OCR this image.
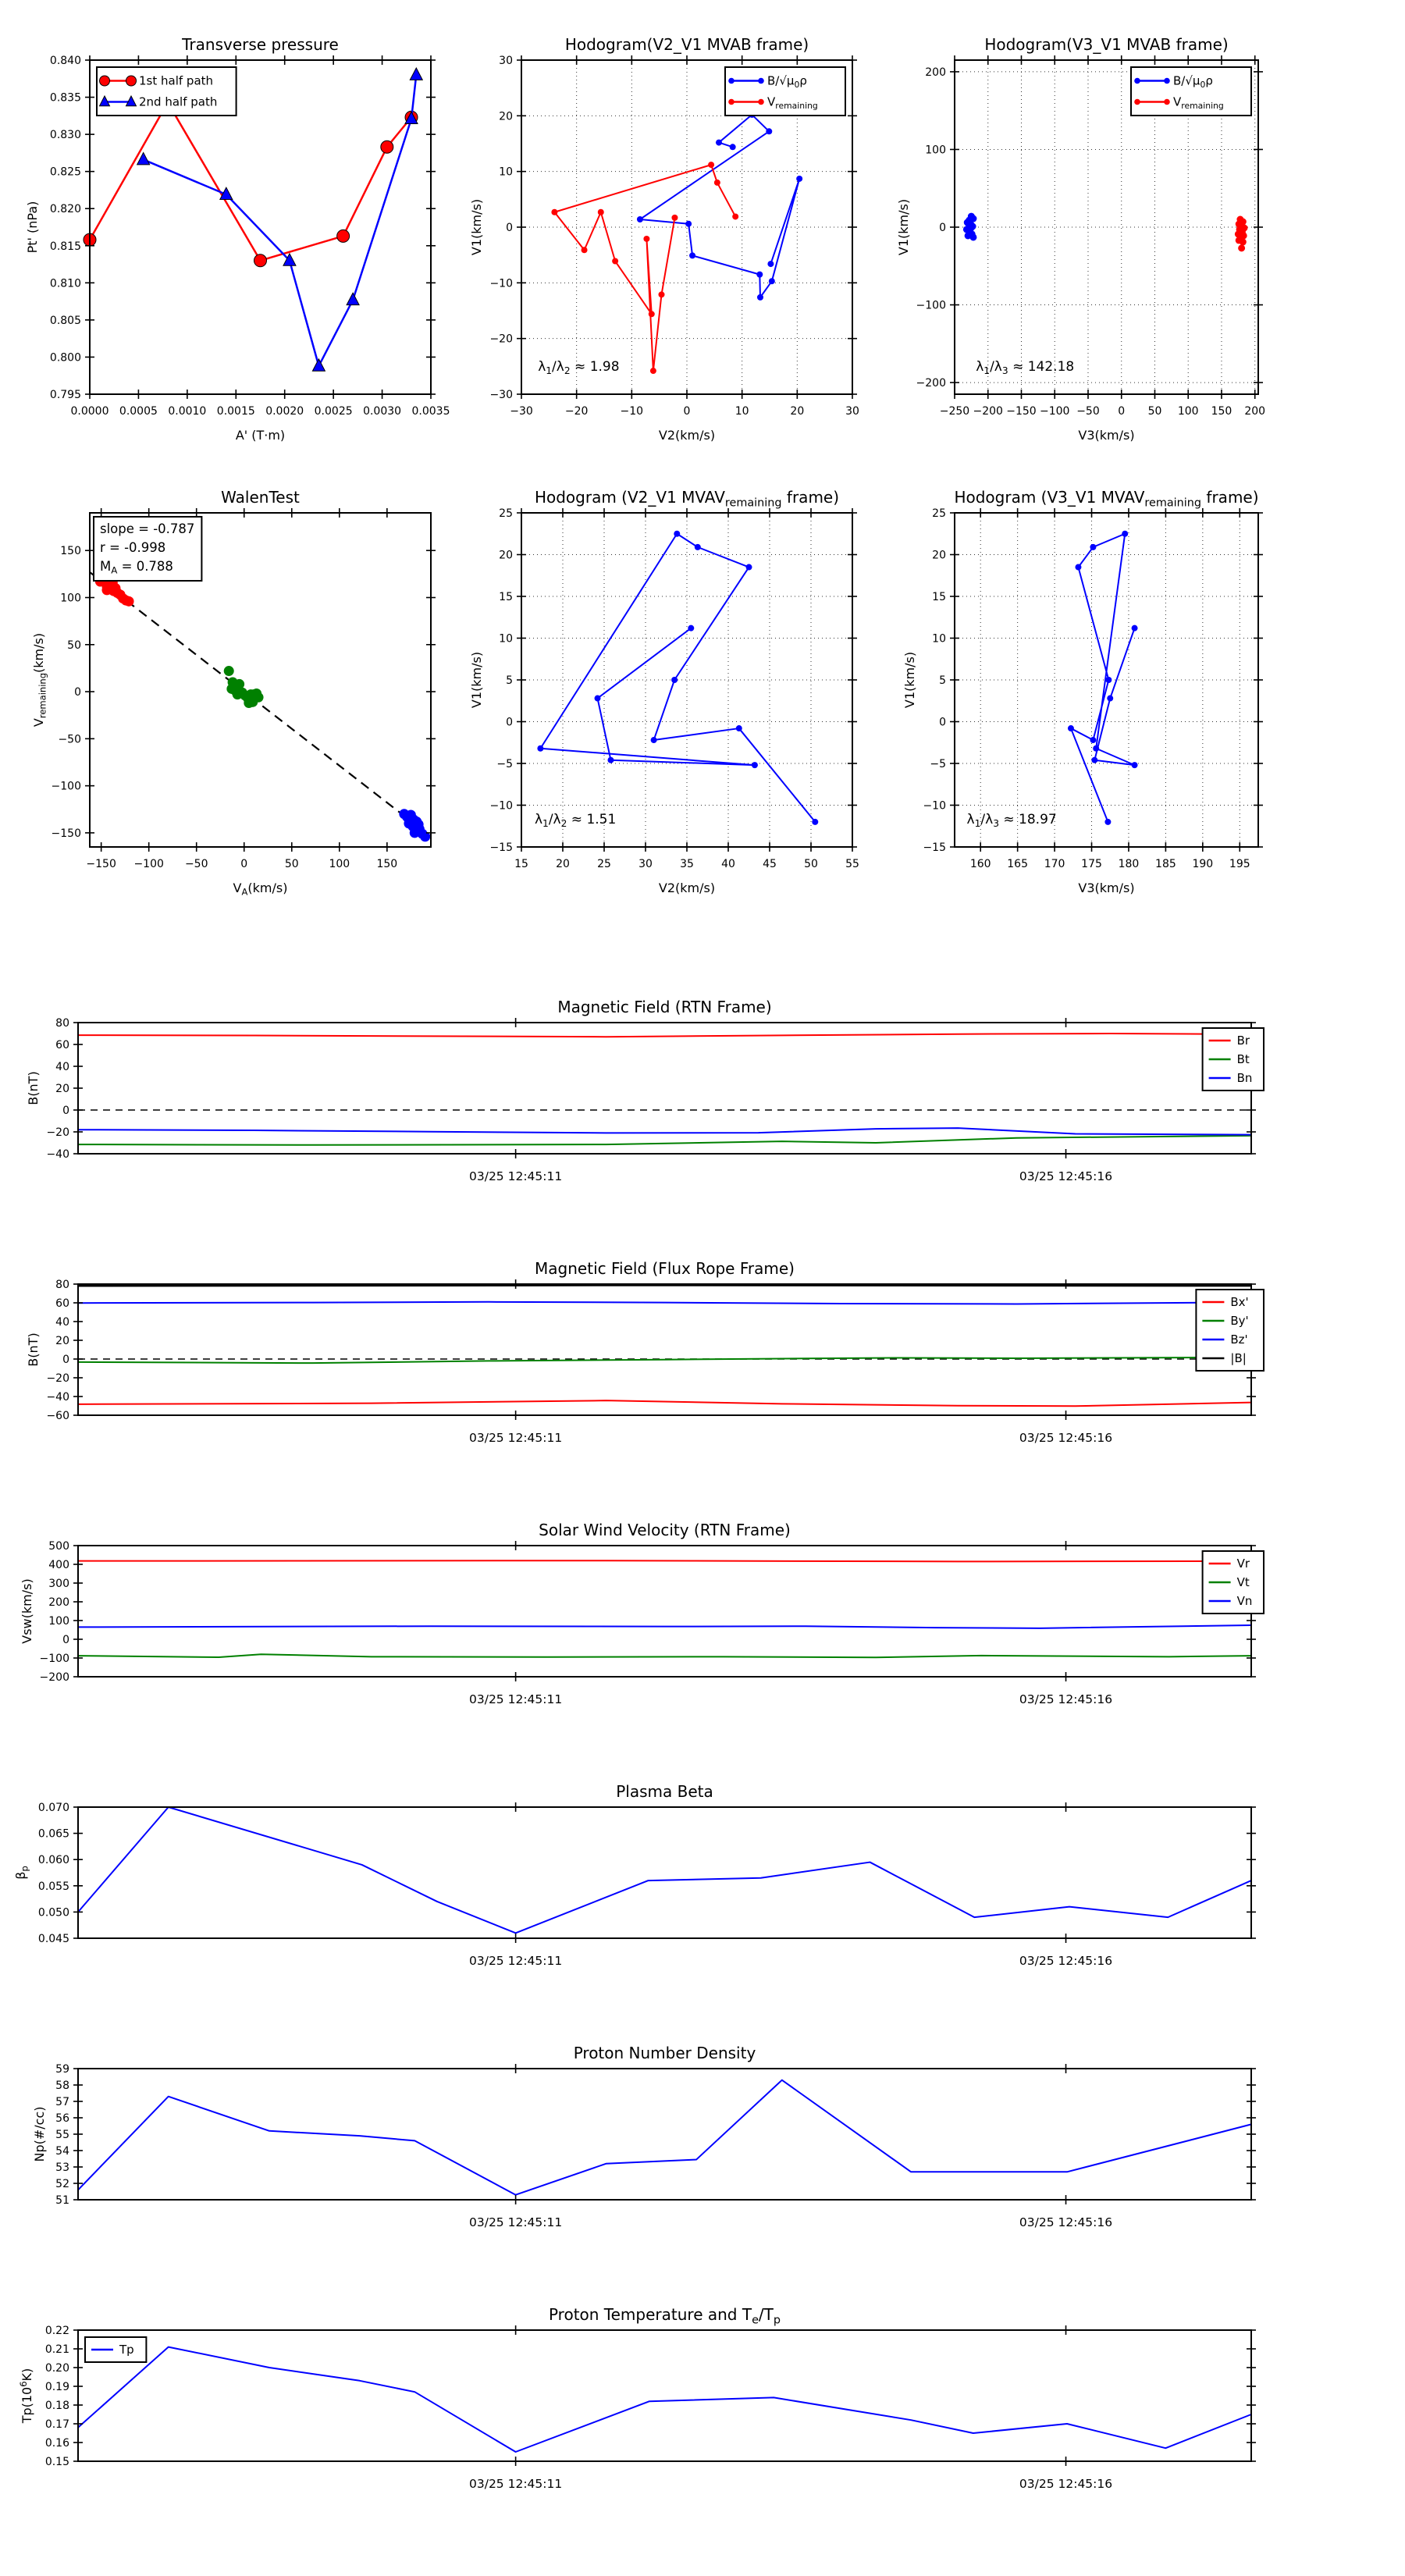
0.0000 0.0005 0.0010 0.0015 0.0020 0.0025 0.0030 0.0035
0.795
0.800
0.805
0.810
0.815
0.820
0.825
0.830
0.835
0.840
Transverse pressure
A' (T·m)
Pt' (nPa)
1st half path
2nd half path
−30	−20	−10	0	10	20	30
−30
−20
−10
0
10
20
30
Hodogram(V2_V1 MVAB frame)
V2(km/s)
V1(km/s)
$\lambda_1/\lambda_2 \approx 1.98$
$B/√\mu_0\rho$
$V_{remaining}$
−250 −200 −150 −100 −50 0 50 100 150 200
−200
−100
0
100
200
Hodogram(V3_V1 MVAB frame)
V3(km/s)
V1(km/s)
$\lambda_1/\lambda_3 \approx 142.18$
$B/√\mu_0\rho$
$V_{remaining}$
−150 −100 −50	0	50	100 150
−150
−100
−50
0
50
100
150
WalenTest
$V_A(km/s)$
$V_{remaining}(km/s)$
slope = -0.787
r = -0.998
$M_A = 0.788$
15	20	25	30	35	40	45	50	55
−15
−10
−5
0
5
10
15
20
25
Hodogram (V2_V1 $MVAV_{remaining}$ frame)
V2(km/s)
V1(km/s)
$\lambda_1/\lambda_2 \approx 1.51$
160 165 170 175 180 185 190 195
−15
−10
−5
0
5
10
15
20
25
Hodogram (V3_V1 $MVAV_{remaining}$ frame)
V3(km/s)
V1(km/s)
$\lambda_1/\lambda_3 \approx 18.97$
03/25 12:45:11	03/25 12:45:16
−40
−20
0
20
40
60
80
Magnetic Field (RTN Frame)
B(nT)
Br
Bt
Bn
03/25 12:45:11	03/25 12:45:16
−60
−40
−20
0
20
40
60
80
Magnetic Field (Flux Rope Frame)
B(nT)
Bx'
By'
Bz'
|B|
03/25 12:45:11	03/25 12:45:16
−200
−100
0
100
200
300
400
500
Solar Wind Velocity (RTN Frame)
Vsw(km/s)
Vr
Vt
Vn
03/25 12:45:11	03/25 12:45:16
0.045
0.050
0.055
0.060
0.065
0.070
Plasma Beta
$\beta_p$
03/25 12:45:11	03/25 12:45:16
51
52
53
54
55
56
57
58
59
Proton Number Density
Np(#/cc)
03/25 12:45:11	03/25 12:45:16
0.15
0.16
0.17
0.18
0.19
0.20
0.21
0.22
Proton Temperature and $T_e/T_p$
$Tp(10^6K)$
Tp
